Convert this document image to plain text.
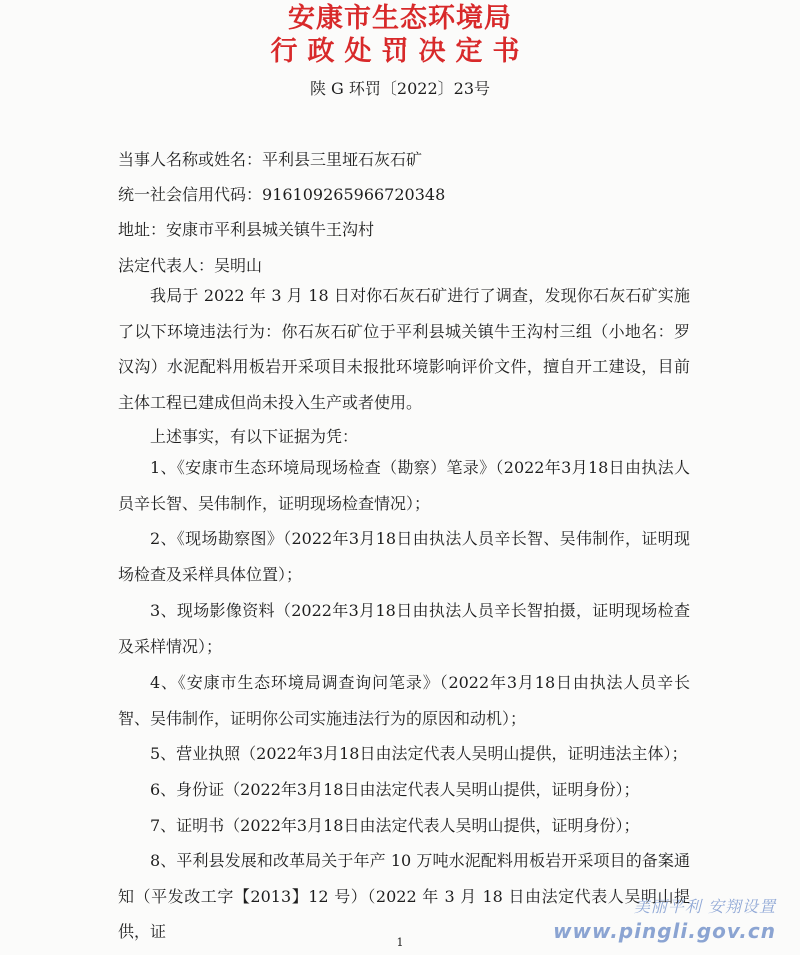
安康市生态环境局
行政处罚决定书
陕 G 环罚〔2022〕23号
当事人名称或姓名：平利县三里垭石灰石矿
统一社会信用代码：916109265966720348
地址：安康市平利县城关镇牛王沟村
法定代表人：吴明山

我局于 2022 年 3 月 18 日对你石灰石矿进行了调查，发现你石灰石矿实施了以下环境违法行为：你石灰石矿位于平利县城关镇牛王沟村三组（小地名：罗汉沟）水泥配料用板岩开采项目未报批环境影响评价文件，擅自开工建设，目前主体工程已建成但尚未投入生产或者使用。

上述事实，有以下证据为凭：

1、《安康市生态环境局现场检查（勘察）笔录》（2022年3月18日由执法人员辛长智、吴伟制作，证明现场检查情况）；

2、《现场勘察图》（2022年3月18日由执法人员辛长智、吴伟制作，证明现场检查及采样具体位置）；

3、现场影像资料（2022年3月18日由执法人员辛长智拍摄，证明现场检查及采样情况）；

4、《安康市生态环境局调查询问笔录》（2022年3月18日由执法人员辛长智、吴伟制作，证明你公司实施违法行为的原因和动机）；

5、营业执照（2022年3月18日由法定代表人吴明山提供，证明违法主体）；

6、身份证（2022年3月18日由法定代表人吴明山提供，证明身份）；

7、证明书（2022年3月18日由法定代表人吴明山提供，证明身份）；

8、平利县发展和改革局关于年产 10 万吨水泥配料用板岩开采项目的备案通知（平发改工字【2013】12 号）（2022 年 3 月 18 日由法定代表人吴明山提供，证

1
美丽平利 安翔设置
www.pingli.gov.cn
